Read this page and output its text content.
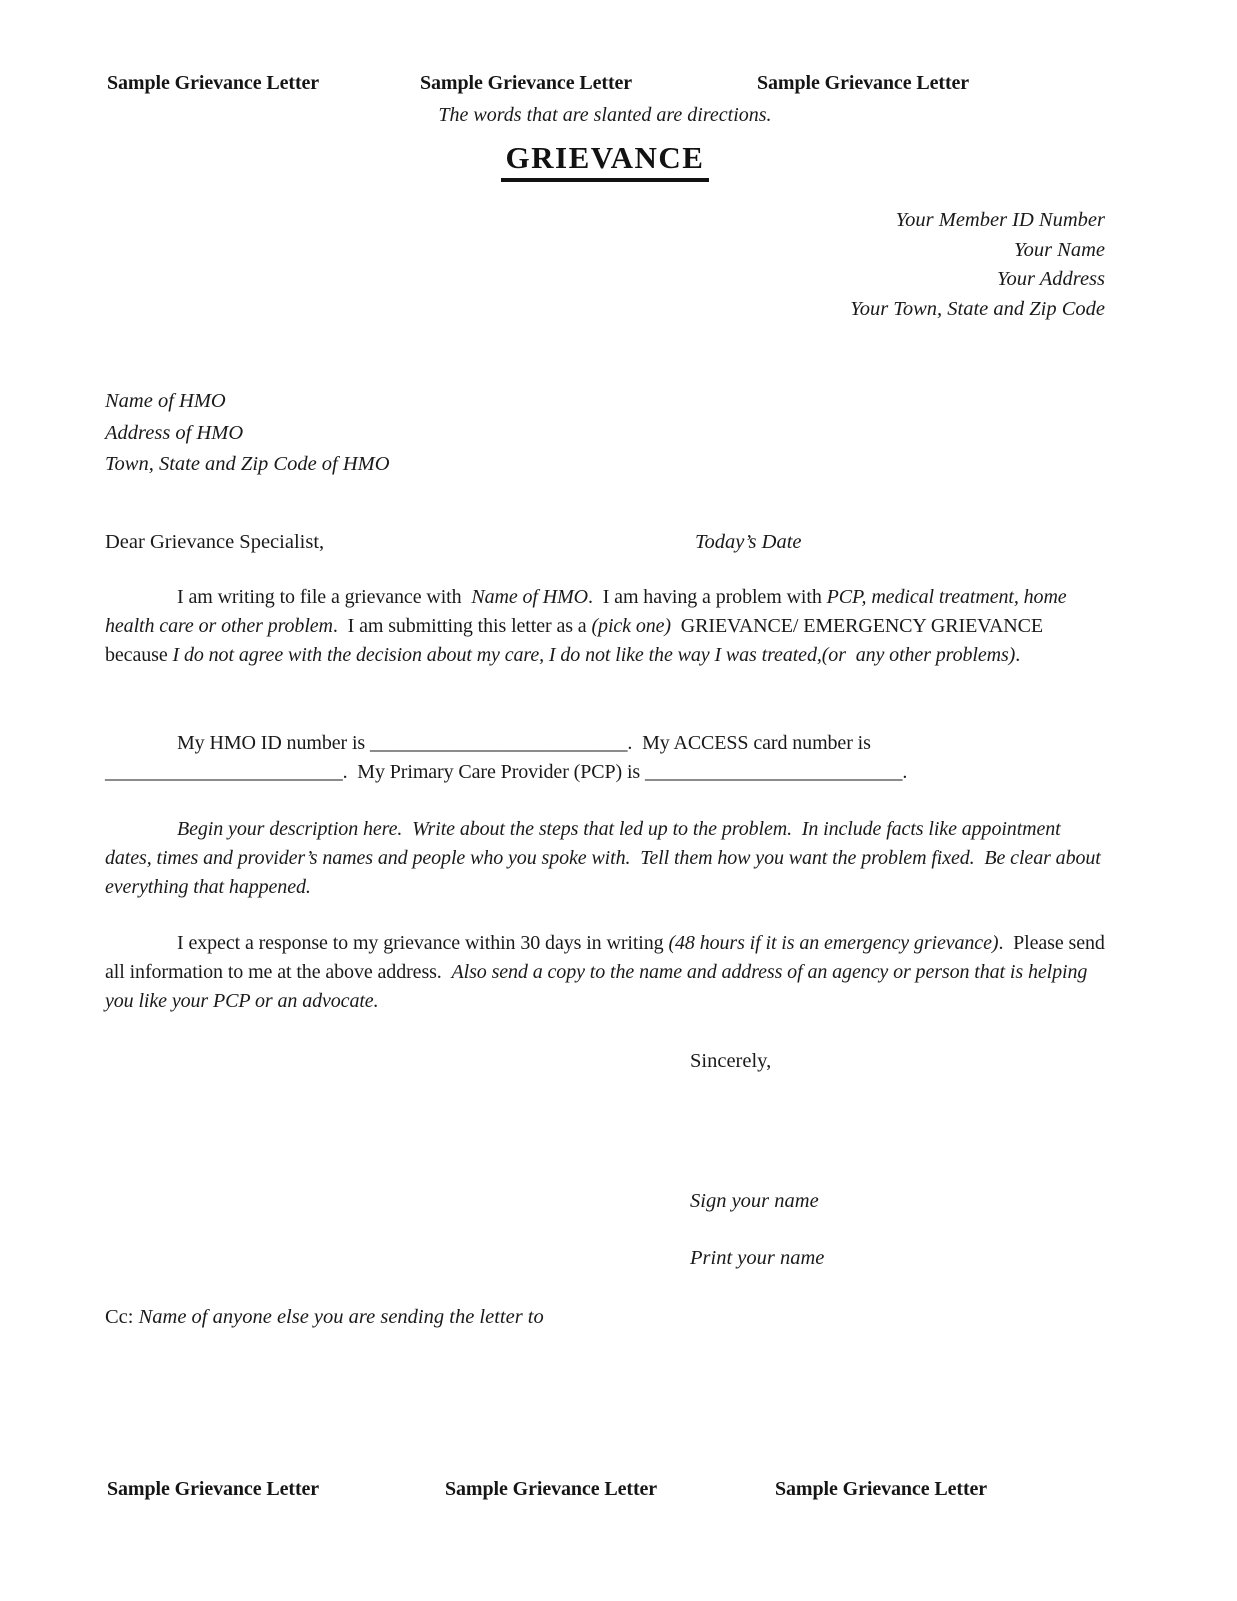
Sample Grievance Letter	Sample Grievance Letter	Sample Grievance Letter
The words that are slanted are directions.
GRIEVANCE
Your Member ID Number
Your Name
Your Address
Your Town, State and Zip Code
Name of HMO
Address of HMO
Town, State and Zip Code of HMO
Dear Grievance Specialist,	Today’s Date
I am writing to file a grievance with  Name of HMO.  I am having a problem with PCP, medical treatment, home health care or other problem.  I am submitting this letter as a (pick one)  GRIEVANCE/ EMERGENCY GRIEVANCE because I do not agree with the decision about my care, I do not like the way I was treated,(or  any other problems).
My HMO ID number is __________________________.  My ACCESS card number is ________________________.  My Primary Care Provider (PCP) is __________________________.
Begin your description here.  Write about the steps that led up to the problem.  In include facts like appointment dates, times and provider’s names and people who you spoke with.  Tell them how you want the problem fixed.  Be clear about everything that happened.
I expect a response to my grievance within 30 days in writing (48 hours if it is an emergency grievance).  Please send all information to me at the above address.  Also send a copy to the name and address of an agency or person that is helping you like your PCP or an advocate.
Sincerely,
Sign your name
Print your name
Cc: Name of anyone else you are sending the letter to
Sample Grievance Letter	Sample Grievance Letter	Sample Grievance Letter
